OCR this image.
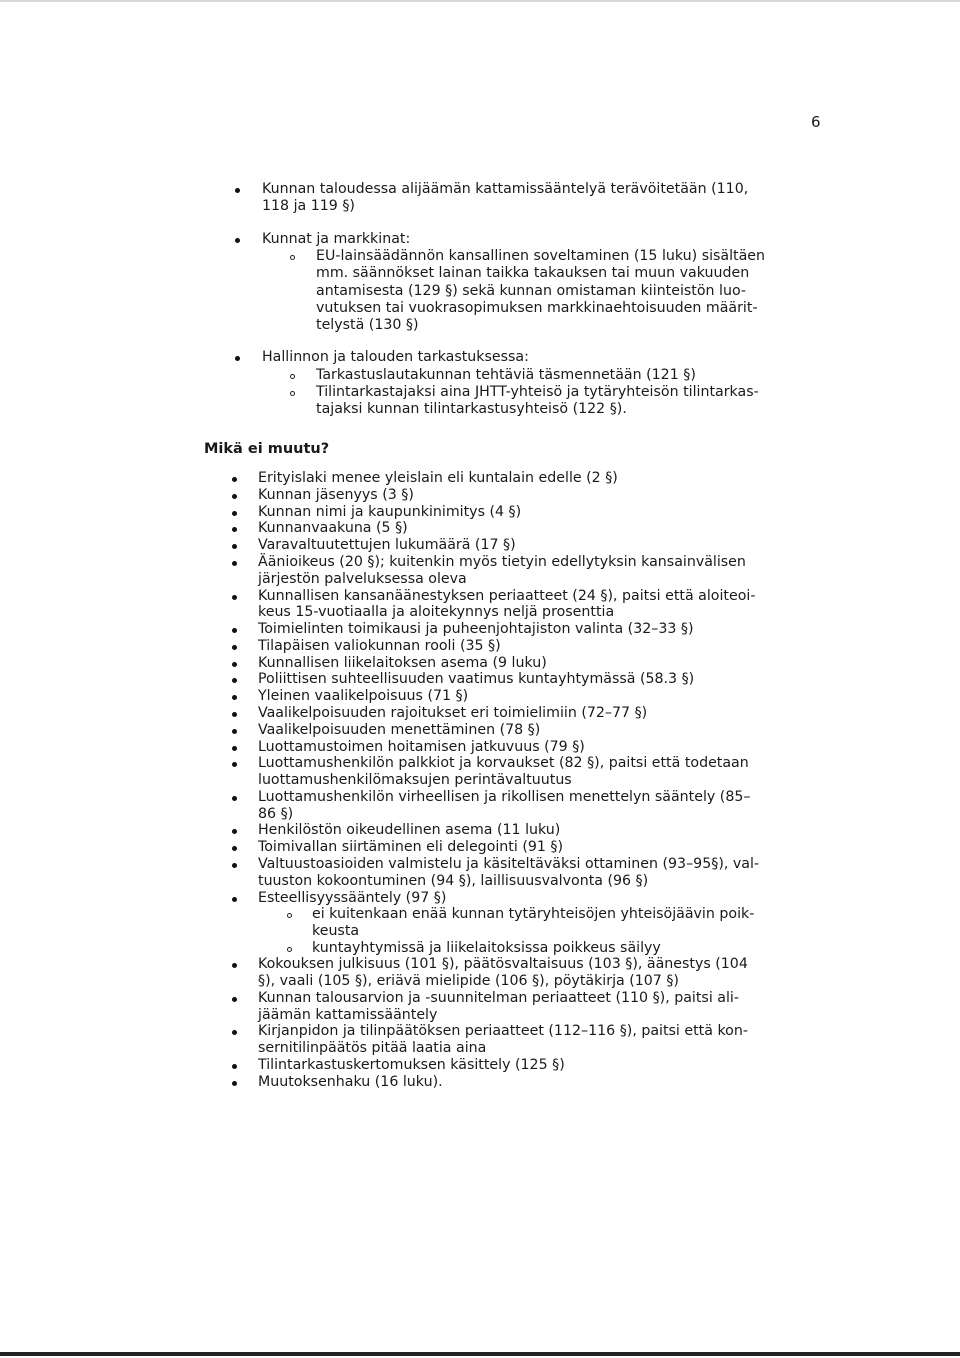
6
Kunnan taloudessa alijäämän kattamissääntelyä terävöitetään (110,
118 ja 119 §)
Kunnat ja markkinat:
EU-lainsäädännön kansallinen soveltaminen (15 luku) sisältäen
mm. säännökset lainan taikka takauksen tai muun vakuuden
antamisesta (129 §) sekä kunnan omistaman kiinteistön luo-
vutuksen tai vuokrasopimuksen markkinaehtoisuuden määrit-
telystä (130 §)
Hallinnon ja talouden tarkastuksessa:
Tarkastuslautakunnan tehtäviä täsmennetään (121 §)
Tilintarkastajaksi aina JHTT-yhteisö ja tytäryhteisön tilintarkas-
tajaksi kunnan tilintarkastusyhteisö (122 §).
Mikä ei muutu?
Erityislaki menee yleislain eli kuntalain edelle (2 §)
Kunnan jäsenyys (3 §)
Kunnan nimi ja kaupunkinimitys (4 §)
Kunnanvaakuna (5 §)
Varavaltuutettujen lukumäärä (17 §)
Äänioikeus (20 §); kuitenkin myös tietyin edellytyksin kansainvälisen
järjestön palveluksessa oleva
Kunnallisen kansanäänestyksen periaatteet (24 §), paitsi että aloiteoi-
keus 15-vuotiaalla ja aloitekynnys neljä prosenttia
Toimielinten toimikausi ja puheenjohtajiston valinta (32–33 §)
Tilapäisen valiokunnan rooli (35 §)
Kunnallisen liikelaitoksen asema (9 luku)
Poliittisen suhteellisuuden vaatimus kuntayhtymässä (58.3 §)
Yleinen vaalikelpoisuus (71 §)
Vaalikelpoisuuden rajoitukset eri toimielimiin (72–77 §)
Vaalikelpoisuuden menettäminen (78 §)
Luottamustoimen hoitamisen jatkuvuus (79 §)
Luottamushenkilön palkkiot ja korvaukset (82 §), paitsi että todetaan
luottamushenkilömaksujen perintävaltuutus
Luottamushenkilön virheellisen ja rikollisen menettelyn sääntely (85–
86 §)
Henkilöstön oikeudellinen asema (11 luku)
Toimivallan siirtäminen eli delegointi (91 §)
Valtuustoasioiden valmistelu ja käsiteltäväksi ottaminen (93–95§), val-
tuuston kokoontuminen (94 §), laillisuusvalvonta (96 §)
Esteellisyyssääntely (97 §)
ei kuitenkaan enää kunnan tytäryhteisöjen yhteisöjäävin poik-
keusta
kuntayhtymissä ja liikelaitoksissa poikkeus säilyy
Kokouksen julkisuus (101 §), päätösvaltaisuus (103 §), äänestys (104
§), vaali (105 §), eriävä mielipide (106 §), pöytäkirja (107 §)
Kunnan talousarvion ja -suunnitelman periaatteet (110 §), paitsi ali-
jäämän kattamissääntely
Kirjanpidon ja tilinpäätöksen periaatteet (112–116 §), paitsi että kon-
sernitilinpäätös pitää laatia aina
Tilintarkastuskertomuksen käsittely (125 §)
Muutoksenhaku (16 luku).
